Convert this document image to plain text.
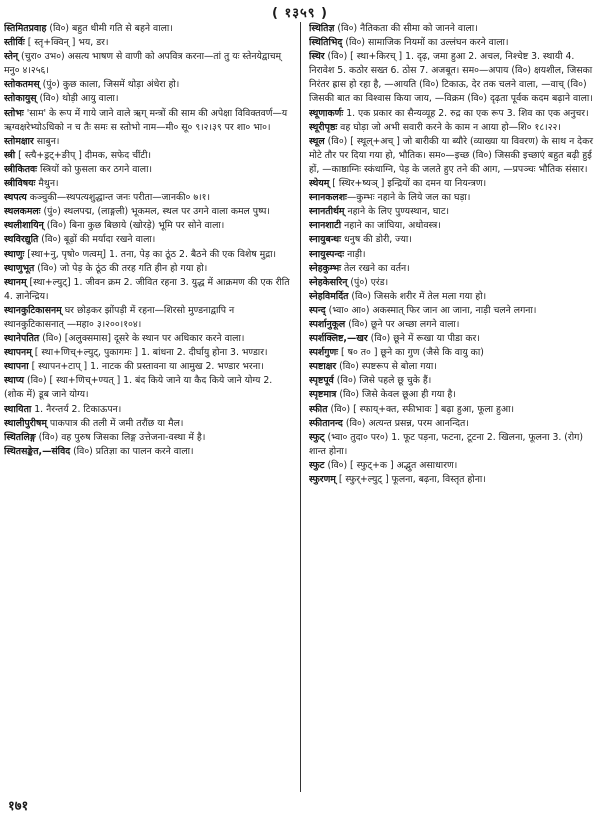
( १३५९ )

स्तिमितप्रवाह (वि०) बहुत धीमी गति से बहने वाला।

स्तीर्विः [ स्तृ+क्विन् ] भय, डर।

स्तेन् (चुरा० उभ०) असत्य भाषण से वाणी को अपवित्र करना—तां तु यः स्तेनयेद्वाचम्‌ मनु० ४।२५६।

स्तोकतमस् (पुं०) कुछ काला, जिसमें थोड़ा अंधेरा हो।

स्तोकायुस् (वि०) थोड़ी आयु वाला।

स्तोभः 'साम' के रूप में गाये जाने वाले ऋग् मन्त्रों की साम की अपेक्षा विविक्तवर्ण—य ऋग्वक्षरेभ्योऽधिको न च तैः समः स स्तोभो नाम—मी० सू० ९।२।३९ पर शा० भा०।

स्तोमक्षार साबुन।

स्त्री [ स्त्यै+ड्रट्+ङीप् ] दीमक, सफेद चींटी।

स्त्रीकितवः स्त्रियों को फुसला कर ठगने वाला।

स्त्रीविषयः मैथुन।

स्थपत्य कञ्चुकी—स्थपत्यशुद्धान्त जनः परीता—जानकी० ७।१।

स्थलकमलः (पुं०) स्थलपद्म, (लाङ्गली) भूकमल, स्थल पर उगने वाला कमल पुष्प।

स्थलीशायिन् (वि०) बिना कुछ बिछाये (खोरड़े) भूमि पर सोने वाला।

स्थविरद्युति (वि०) बूढ़ों की मर्यादा रखने वाला।

स्थाणुः [स्था+नु, पृषो० णत्वम्] 1. तना, पेड़ का ठूंठ 2. बैठने की एक विशेष मुद्रा।

स्थाणुभूत (वि०) जो पेड़ के ठूंठ की तरह गति हीन हो गया हो।

स्थानम् [स्था+ल्युट्] 1. जीवन क्रम 2. जीवित रहना 3. युद्ध में आक्रमण की एक रीति 4. ज्ञानेन्द्रिय।

स्थानकुटिकासनम् घर छोड़कर झोंपड़ी में रहना—शिरसो मुण्डनाद्वापि न स्थानकुटिकासनात्‌ —महा० ३।२००।१०४।

स्थानेपतित (वि०) [अलुक्समास] दूसरे के स्थान पर अधिकार करने वाला।

स्थापनम् [ स्था+णिच्+ल्युट्, पुकागमः ] 1. बांधना 2. दीर्घायु होना 3. भण्डार।

स्थापना [ स्थापन+टाप् ] 1. नाटक की प्रस्तावना या आमुख 2. भण्डार भरना।

स्थाप्य (वि०) [ स्था+णिच्+ण्यत् ] 1. बंद किये जाने या कैद किये जाने योग्य 2. (शोक में) डूब जाने योग्य।

स्थायिता 1. नैरन्तर्य 2. टिकाऊपन।

स्थालीपुरीषम् पाकपात्र की तली में जमी तरौंछ या मैल।

स्थितलिङ्ग (वि०) वह पुरुष जिसका लिङ्ग उत्तेजना-वस्था में है।

स्थितसङ्केत,—संविद (वि०) प्रतिज्ञा का पालन करने वाला।

स्थितिज्ञ (वि०) नैतिकता की सीमा को जानने वाला।

स्थितिभिद् (वि०) सामाजिक नियमों का उल्लंघन करने वाला।

स्थिर (वि०) [ स्था+किरच् ] 1. दृढ़, जमा हुआ 2. अचल, निश्चेष्ट 3. स्थायी 4. निरावेश 5. कठोर सख्त 6. ठोस 7. अजबूत। सम०—अपाय (वि०) क्षयशील, जिसका निरंतर ह्रास हो रहा है, —आयति (वि०) टिकाऊ, देर तक चलने वाला, —वाच् (वि०) जिसकी बात का विश्वास किया जाय, —विक्रम (वि०) दृढ़ता पूर्वक कदम बढ़ाने वाला।

स्थूणाकर्णः 1. एक प्रकार का सैन्यव्यूह 2. रुद्र का एक रूप 3. शिव का एक अनुचर।

स्थूरीपृष्ठः वह घोड़ा जो अभी सवारी करने के काम न आया हो—शि० १८।२२।

स्थूल (वि०) [ स्थूल्+अच् ] जो बारीकी या ब्यौरे (व्याख्या या विवरण) के साथ न देकर मोटे तौर पर दिया गया हो, भौतिक। सम०—इच्छ (वि०) जिसकी इच्छाएं बहुत बढ़ी हुई हों, —काष्ठाग्निः स्कंधाग्नि, पेड़ के जलते हुए तने की आग, —प्रपञ्चः भौतिक संसार।

स्थेयम् [ स्थिर+ष्यञ् ] इन्द्रियों का दमन या नियन्त्रण।

स्नानकलशः—कुम्भः नहाने के लिये जल का घड़ा।

स्नानतीर्थम् नहाने के लिए पुण्यस्थान, घाट।

स्नानशाटी नहाने का जांघिया, अधोवस्त्र।

स्नायुबन्धः धनुष की डोरी, ज्या।

स्नायुस्पन्दः नाड़ी।

स्नेहकुम्भः तेल रखने का वर्तन।

स्नेहकेसरिन् (पुं०) एरंड।

स्नेहविमर्दित (वि०) जिसके शरीर में तेल मला गया हो।

स्पन्द् (भ्वा० आ०) अकस्मात्‌ फिर जान आ जाना, नाड़ी चलने लगना।

स्पर्शानुकूल (वि०) छूने पर अच्छा लगने वाला।

स्पर्शक्लिष्ट,—खर (वि०) छूने में रूखा या पीडा कर।

स्पर्शगुणः [ ष० त० ] छूने का गुण (जैसे कि वायु का)

स्पष्टाक्षर (वि०) स्पष्टरूप से बोला गया।

स्पृष्टपूर्व (वि०) जिसे पहले छू चुके हैं।

स्पृष्टमात्र (वि०) जिसे केवल छूआ ही गया है।

स्फीत (वि०) [ स्फाय्+क्त, स्फीभावः ] बढ़ा हुआ, फूला हुआ।

स्फीतानन्द (वि०) अत्यन्त प्रसन्न, परम आनन्दित।

स्फुट् (भ्वा० तुदा० पर०) 1. फूट पड़ना, फटना, टूटना 2. खिलना, फूलना 3. (रोग) शान्त होना।

स्फुट (वि०) [ स्फुट्+क ] अद्भुत असाधारण।

स्फुरणम् [ स्फुर्+ल्युट् ] फूलना, बढ़ना, विस्तृत होना।

१७१
